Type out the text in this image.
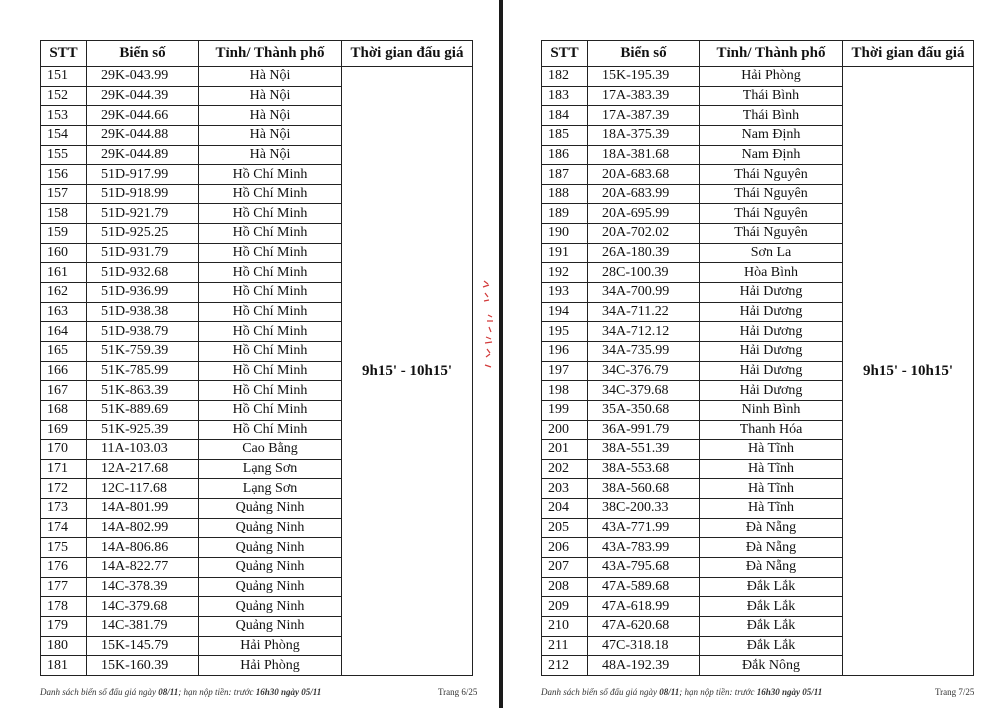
STT	Biển số	Tỉnh/ Thành phố	Thời gian đấu giá
151	29K-043.99	Hà Nội	9h15' - 10h15'
152	29K-044.39	Hà Nội	
153	29K-044.66	Hà Nội	
154	29K-044.88	Hà Nội	
155	29K-044.89	Hà Nội	
156	51D-917.99	Hồ Chí Minh	
157	51D-918.99	Hồ Chí Minh	
158	51D-921.79	Hồ Chí Minh	
159	51D-925.25	Hồ Chí Minh	
160	51D-931.79	Hồ Chí Minh	
161	51D-932.68	Hồ Chí Minh	
162	51D-936.99	Hồ Chí Minh	
163	51D-938.38	Hồ Chí Minh	
164	51D-938.79	Hồ Chí Minh	
165	51K-759.39	Hồ Chí Minh	
166	51K-785.99	Hồ Chí Minh	
167	51K-863.39	Hồ Chí Minh	
168	51K-889.69	Hồ Chí Minh	
169	51K-925.39	Hồ Chí Minh	
170	11A-103.03	Cao Bằng	
171	12A-217.68	Lạng Sơn	
172	12C-117.68	Lạng Sơn	
173	14A-801.99	Quảng Ninh	
174	14A-802.99	Quảng Ninh	
175	14A-806.86	Quảng Ninh	
176	14A-822.77	Quảng Ninh	
177	14C-378.39	Quảng Ninh	
178	14C-379.68	Quảng Ninh	
179	14C-381.79	Quảng Ninh	
180	15K-145.79	Hải Phòng	
181	15K-160.39	Hải Phòng	
Danh sách biển số đấu giá ngày 08/11; hạn nộp tiền: trước 16h30 ngày 05/11	Trang 6/25
STT	Biển số	Tỉnh/ Thành phố	Thời gian đấu giá
182	15K-195.39	Hải Phòng	9h15' - 10h15'
183	17A-383.39	Thái Bình	
184	17A-387.39	Thái Bình	
185	18A-375.39	Nam Định	
186	18A-381.68	Nam Định	
187	20A-683.68	Thái Nguyên	
188	20A-683.99	Thái Nguyên	
189	20A-695.99	Thái Nguyên	
190	20A-702.02	Thái Nguyên	
191	26A-180.39	Sơn La	
192	28C-100.39	Hòa Bình	
193	34A-700.99	Hải Dương	
194	34A-711.22	Hải Dương	
195	34A-712.12	Hải Dương	
196	34A-735.99	Hải Dương	
197	34C-376.79	Hải Dương	
198	34C-379.68	Hải Dương	
199	35A-350.68	Ninh Bình	
200	36A-991.79	Thanh Hóa	
201	38A-551.39	Hà Tĩnh	
202	38A-553.68	Hà Tĩnh	
203	38A-560.68	Hà Tĩnh	
204	38C-200.33	Hà Tĩnh	
205	43A-771.99	Đà Nẵng	
206	43A-783.99	Đà Nẵng	
207	43A-795.68	Đà Nẵng	
208	47A-589.68	Đắk Lắk	
209	47A-618.99	Đắk Lắk	
210	47A-620.68	Đắk Lắk	
211	47C-318.18	Đắk Lắk	
212	48A-192.39	Đắk Nông	
Danh sách biển số đấu giá ngày 08/11; hạn nộp tiền: trước 16h30 ngày 05/11	Trang 7/25
